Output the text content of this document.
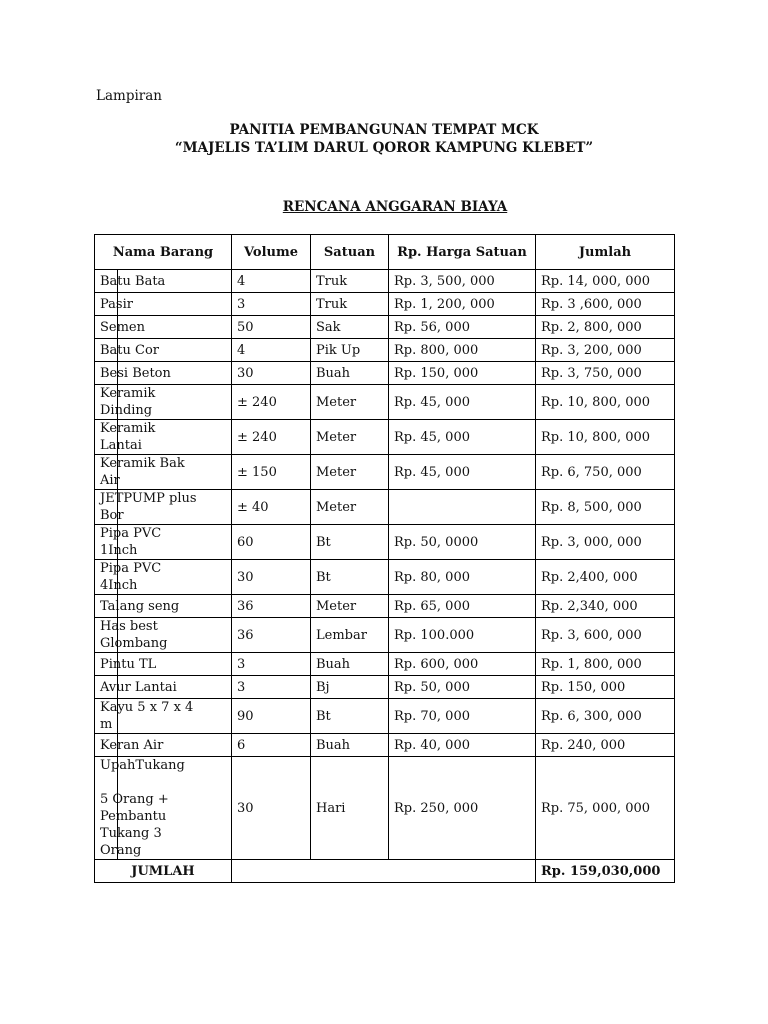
Lampiran
PANITIA PEMBANGUNAN TEMPAT MCK
“MAJELIS TA’LIM DARUL QOROR KAMPUNG KLEBET”
RENCANA ANGGARAN BIAYA
Nama Barang	Volume	Satuan	Rp. Harga Satuan	Jumlah
Batu Bata	4	Truk	Rp. 3, 500, 000	Rp. 14, 000, 000
Pasir	3	Truk	Rp. 1, 200, 000	Rp. 3 ,600, 000
Semen	50	Sak	Rp. 56, 000	Rp. 2, 800, 000
Batu Cor	4	Pik Up	Rp. 800, 000	Rp. 3, 200, 000
Besi Beton	30	Buah	Rp. 150, 000	Rp. 3, 750, 000
Keramik
Dinding	± 240	Meter	Rp. 45, 000	Rp. 10, 800, 000
Keramik
Lantai	± 240	Meter	Rp. 45, 000	Rp. 10, 800, 000
Keramik Bak
Air	± 150	Meter	Rp. 45, 000	Rp. 6, 750, 000
JETPUMP plus
Bor	± 40	Meter		Rp. 8, 500, 000
Pipa PVC
1Inch	60	Bt	Rp. 50, 0000	Rp. 3, 000, 000
Pipa PVC
4Inch	30	Bt	Rp. 80, 000	Rp. 2,400, 000
Talang seng	36	Meter	Rp. 65, 000	Rp. 2,340, 000
Has best
Glombang	36	Lembar	Rp. 100.000	Rp. 3, 600, 000
Pintu TL	3	Buah	Rp. 600, 000	Rp. 1, 800, 000
Avur Lantai	3	Bj	Rp. 50, 000	Rp. 150, 000
Kayu 5 x 7 x 4
m	90	Bt	Rp. 70, 000	Rp. 6, 300, 000
Keran Air	6	Buah	Rp. 40, 000	Rp. 240, 000
UpahTukang

5 Orang +
Pembantu
Tukang 3
Orang	30	Hari	Rp. 250, 000	Rp. 75, 000, 000
JUMLAH				Rp. 159,030,000
